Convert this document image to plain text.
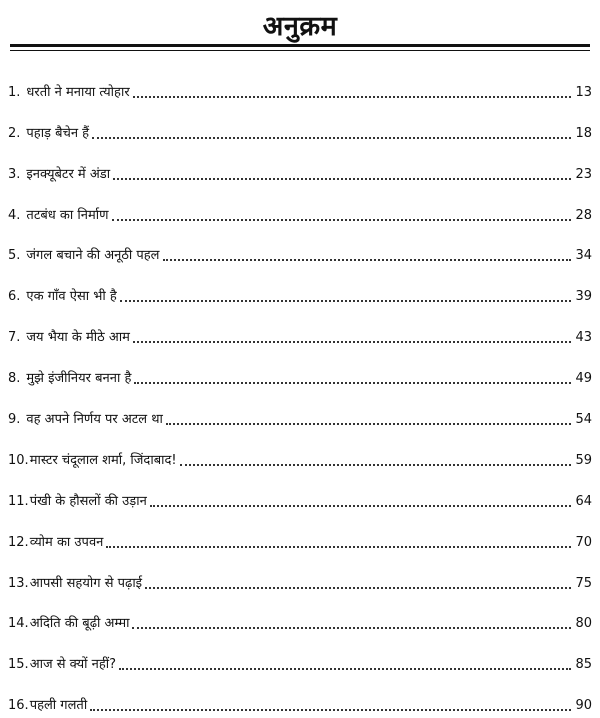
अनुक्रम
1. धरती ने मनाया त्योहार	13
2. पहाड़ बैचेन हैं	18
3. इनक्यूबेटर में अंडा	23
4. तटबंध का निर्माण	28
5. जंगल बचाने की अनूठी पहल	34
6. एक गाँव ऐसा भी है	39
7. जय भैया के मीठे आम	43
8. मुझे इंजीनियर बनना है	49
9. वह अपने निर्णय पर अटल था	54
10. मास्टर चंदूलाल शर्मा, जिंदाबाद!	59
11. पंखी के हौसलों की उड़ान	64
12. व्योम का उपवन	70
13. आपसी सहयोग से पढ़ाई	75
14. अदिति की बूढ़ी अम्मा	80
15. आज से क्यों नहीं?	85
16. पहली गलती	90
